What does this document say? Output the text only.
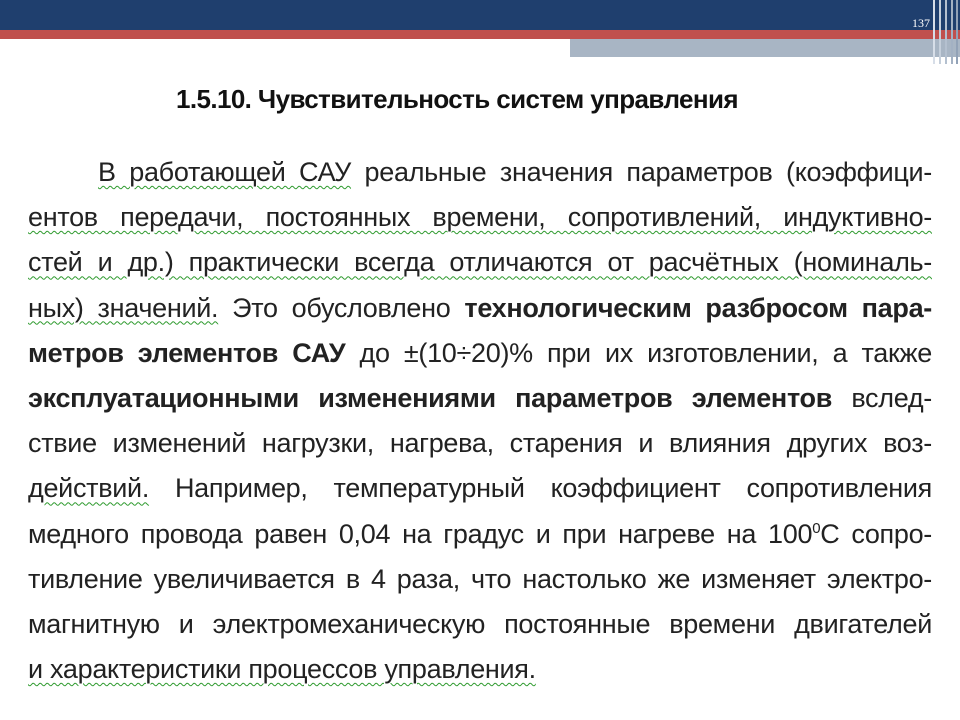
137
1.5.10. Чувствительность систем управления
В работающей САУ реальные значения параметров (коэффици-
ентов передачи, постоянных времени, сопротивлений, индуктивно-
стей и др.) практически всегда отличаются от расчётных (номиналь-
ных) значений. Это обусловлено технологическим разбросом пара-
метров элементов САУ до ±(10÷20)% при их изготовлении, а также
эксплуатационными изменениями параметров элементов вслед-
ствие изменений нагрузки, нагрева, старения и влияния других воз-
действий. Например, температурный коэффициент сопротивления
медного провода равен 0,04 на градус и при нагреве на $100^0С$ сопро-
тивление увеличивается в 4 раза, что настолько же изменяет электро-
магнитную и электромеханическую постоянные времени двигателей
и характеристики процессов управления.
